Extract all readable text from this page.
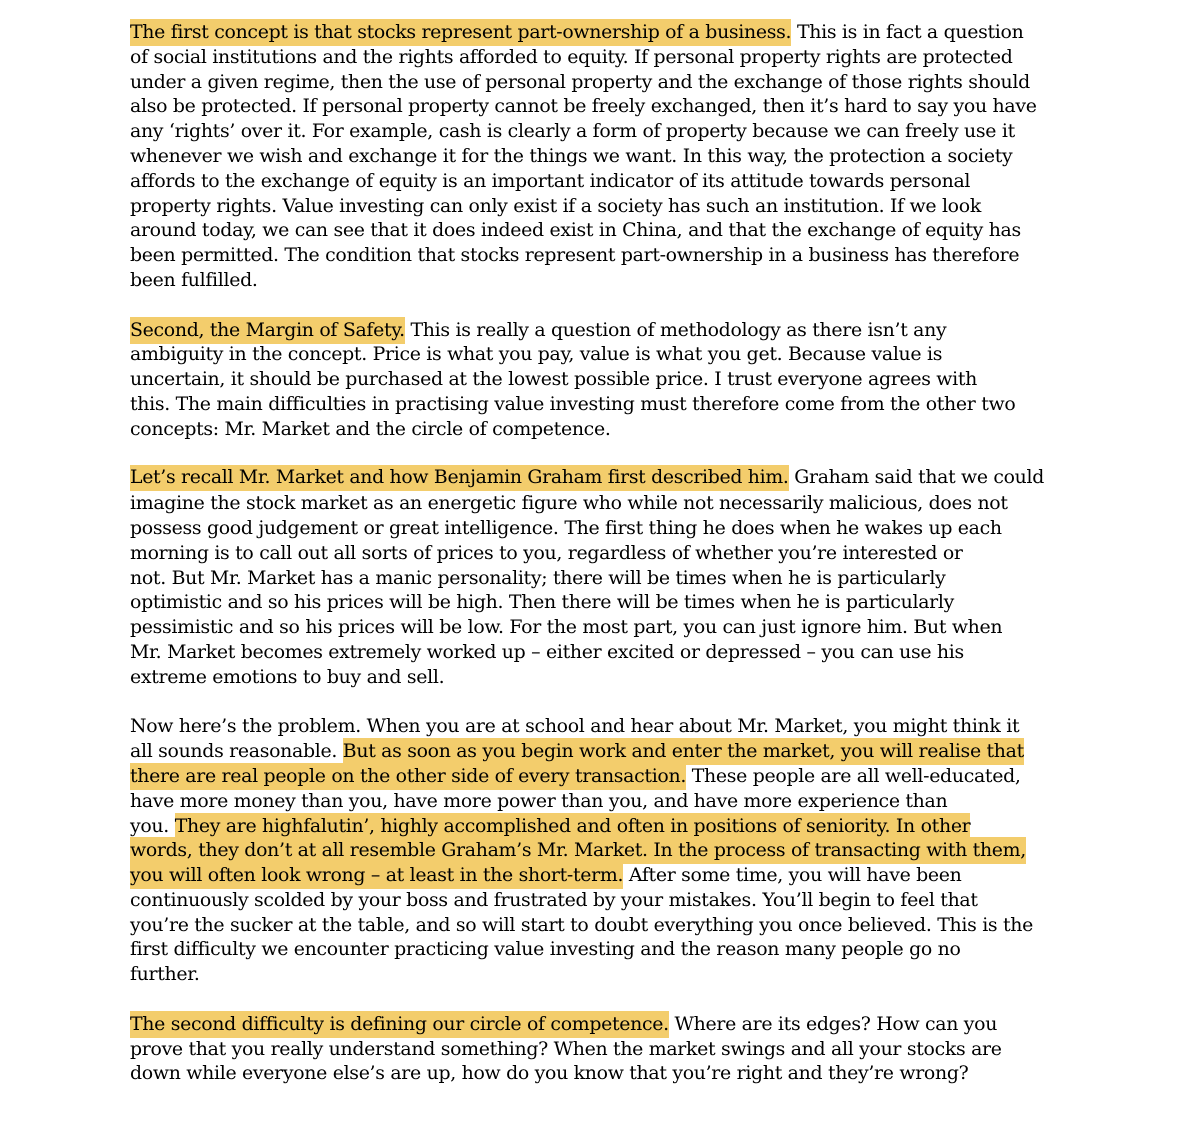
The first concept is that stocks represent part-ownership of a business. This is in fact a question
of social institutions and the rights afforded to equity. If personal property rights are protected
under a given regime, then the use of personal property and the exchange of those rights should
also be protected. If personal property cannot be freely exchanged, then it’s hard to say you have
any ‘rights’ over it. For example, cash is clearly a form of property because we can freely use it
whenever we wish and exchange it for the things we want. In this way, the protection a society
affords to the exchange of equity is an important indicator of its attitude towards personal
property rights. Value investing can only exist if a society has such an institution. If we look
around today, we can see that it does indeed exist in China, and that the exchange of equity has
been permitted. The condition that stocks represent part-ownership in a business has therefore
been fulfilled.
Second, the Margin of Safety. This is really a question of methodology as there isn’t any
ambiguity in the concept. Price is what you pay, value is what you get. Because value is
uncertain, it should be purchased at the lowest possible price. I trust everyone agrees with
this. The main difficulties in practising value investing must therefore come from the other two
concepts: Mr. Market and the circle of competence.
Let’s recall Mr. Market and how Benjamin Graham first described him. Graham said that we could
imagine the stock market as an energetic figure who while not necessarily malicious, does not
possess good judgement or great intelligence. The first thing he does when he wakes up each
morning is to call out all sorts of prices to you, regardless of whether you’re interested or
not. But Mr. Market has a manic personality; there will be times when he is particularly
optimistic and so his prices will be high. Then there will be times when he is particularly
pessimistic and so his prices will be low. For the most part, you can just ignore him. But when
Mr. Market becomes extremely worked up – either excited or depressed – you can use his
extreme emotions to buy and sell.
Now here’s the problem. When you are at school and hear about Mr. Market, you might think it
all sounds reasonable. But as soon as you begin work and enter the market, you will realise that
there are real people on the other side of every transaction. These people are all well-educated,
have more money than you, have more power than you, and have more experience than
you. They are highfalutin’, highly accomplished and often in positions of seniority. In other
words, they don’t at all resemble Graham’s Mr. Market. In the process of transacting with them,
you will often look wrong – at least in the short-term. After some time, you will have been
continuously scolded by your boss and frustrated by your mistakes. You’ll begin to feel that
you’re the sucker at the table, and so will start to doubt everything you once believed. This is the
first difficulty we encounter practicing value investing and the reason many people go no
further.
The second difficulty is defining our circle of competence. Where are its edges? How can you
prove that you really understand something? When the market swings and all your stocks are
down while everyone else’s are up, how do you know that you’re right and they’re wrong?
